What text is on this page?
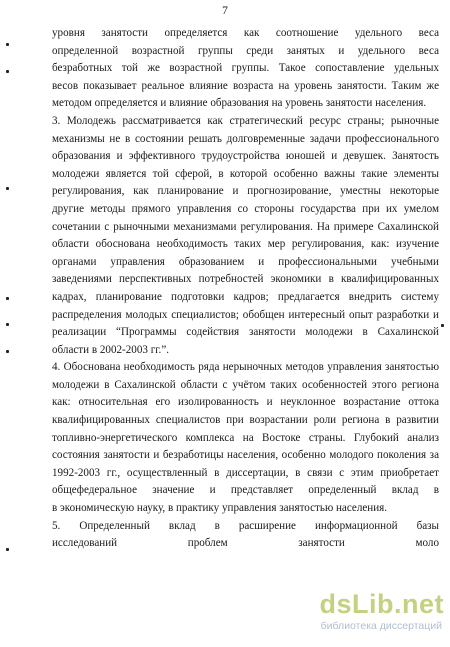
7
уровня занятости определяется как соотношение удельного веса
определенной возрастной группы среди занятых и удельного веса
безработных той же возрастной группы. Такое сопоставление удельных
весов показывает реальное влияние возраста на уровень занятости. Таким же
методом определяется и влияние образования на уровень занятости населения.
3. Молодежь рассматривается как стратегический ресурс страны; рыночные
механизмы не в состоянии решать долговременные задачи профессионального
образования и эффективного трудоустройства юношей и девушек. Занятость
молодежи является той сферой, в которой особенно важны такие элементы
регулирования, как планирование и прогнозирование, уместны некоторые
другие методы прямого управления со стороны государства при их умелом
сочетании с рыночными механизмами регулирования. На примере Сахалинской
области обоснована необходимость таких мер регулирования, как: изучение
органами управления образованием и профессиональными учебными
заведениями перспективных потребностей экономики в квалифицированных
кадрах, планирование подготовки кадров; предлагается внедрить систему
распределения молодых специалистов; обобщен интересный опыт разработки и
реализации “Программы содействия занятости молодежи в Сахалинской
области в 2002-2003 гг.”.
4. Обоснована необходимость ряда нерыночных методов управления занятостью
молодежи в Сахалинской области с учётом таких особенностей этого региона
как: относительная его изолированность и неуклонное возрастание оттока
квалифицированных специалистов при возрастании роли региона в развитии
топливно-энергетического комплекса на Востоке страны. Глубокий анализ
состояния занятости и безработицы населения, особенно молодого поколения за
1992-2003 гг., осуществленный в диссертации, в связи с этим приобретает
общефедеральное значение и представляет определенный вклад в
в экономическую науку, в практику управления занятостью населения.
5. Определенный вклад в расширение информационной базы
исследований проблем занятости моло
dsLib.net
библиотека диссертаций
